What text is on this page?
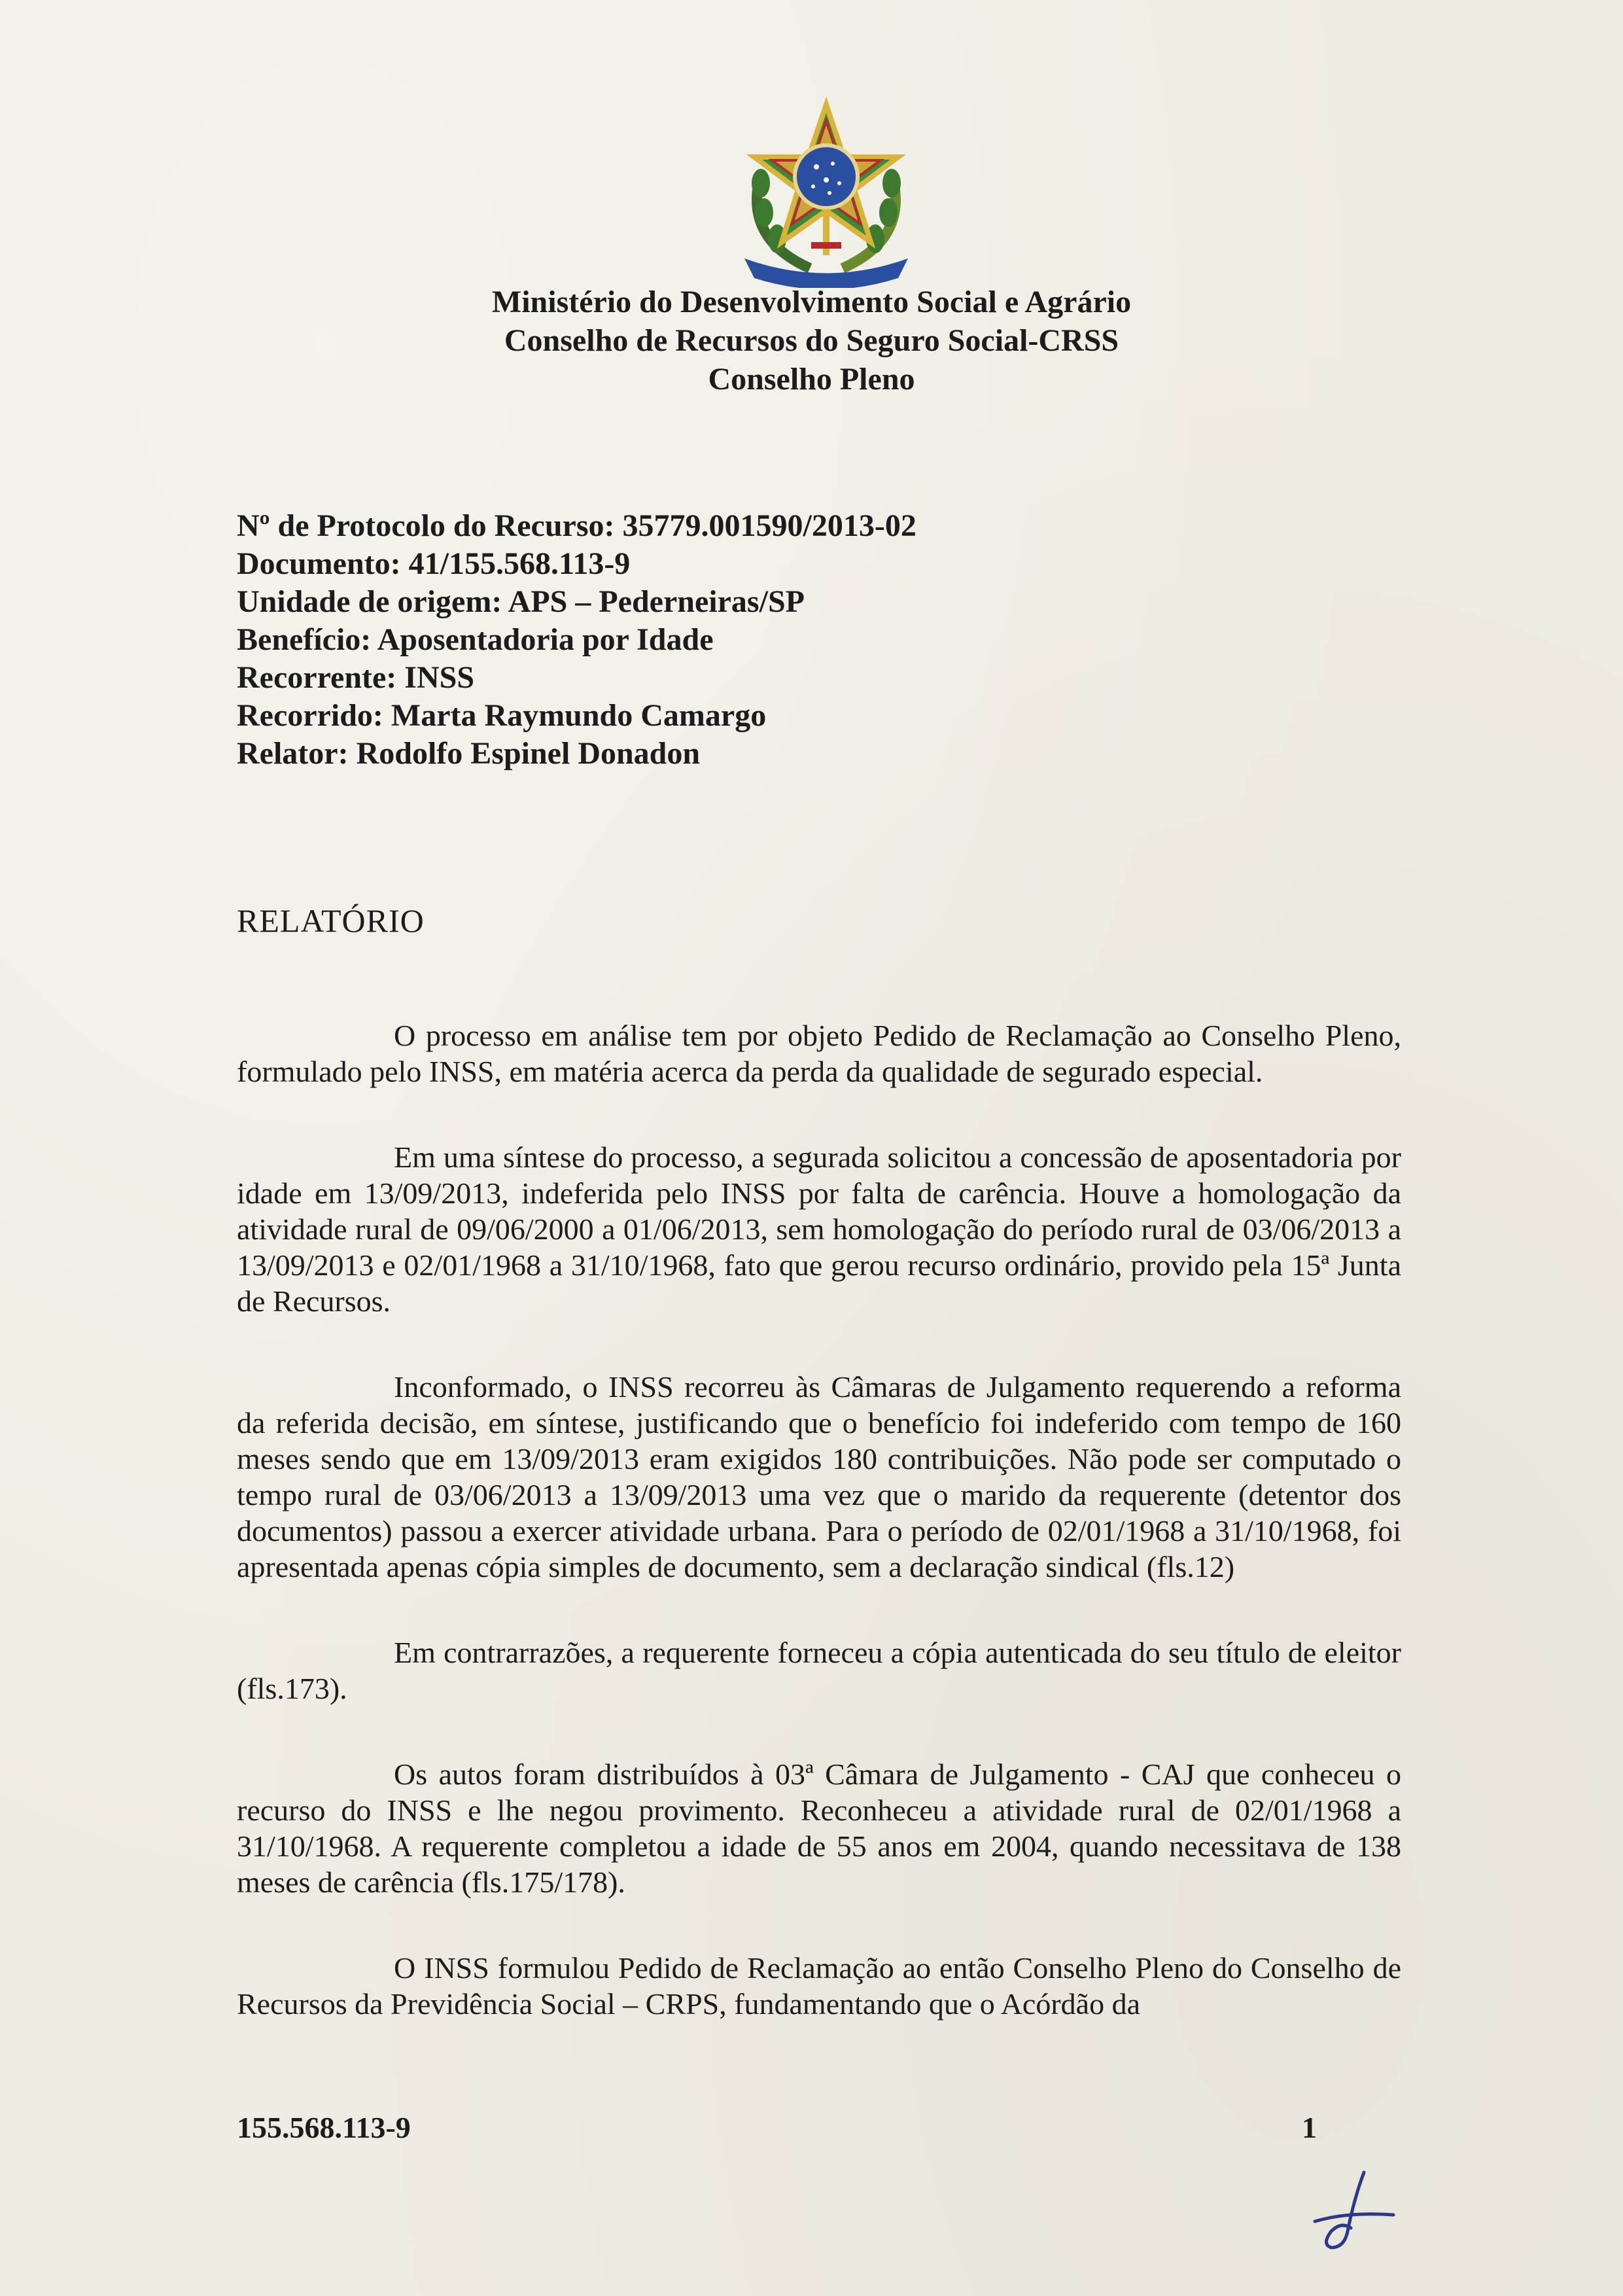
Ministério do Desenvolvimento Social e Agrário
Conselho de Recursos do Seguro Social-CRSS
Conselho Pleno
Nº de Protocolo do Recurso: 35779.001590/2013-02
Documento: 41/155.568.113-9
Unidade de origem: APS – Pederneiras/SP
Benefício: Aposentadoria por Idade
Recorrente: INSS
Recorrido: Marta Raymundo Camargo
Relator: Rodolfo Espinel Donadon
RELATÓRIO

O processo em análise tem por objeto Pedido de Reclamação ao Conselho Pleno, formulado pelo INSS, em matéria acerca da perda da qualidade de segurado especial.

Em uma síntese do processo, a segurada solicitou a concessão de aposentadoria por idade em 13/09/2013, indeferida pelo INSS por falta de carência. Houve a homologação da atividade rural de 09/06/2000 a 01/06/2013, sem homologação do período rural de 03/06/2013 a 13/09/2013 e 02/01/1968 a 31/10/1968, fato que gerou recurso ordinário, provido pela 15ª Junta de Recursos.

Inconformado, o INSS recorreu às Câmaras de Julgamento requerendo a reforma da referida decisão, em síntese, justificando que o benefício foi indeferido com tempo de 160 meses sendo que em 13/09/2013 eram exigidos 180 contribuições. Não pode ser computado o tempo rural de 03/06/2013 a 13/09/2013 uma vez que o marido da requerente (detentor dos documentos) passou a exercer atividade urbana. Para o período de 02/01/1968 a 31/10/1968, foi apresentada apenas cópia simples de documento, sem a declaração sindical (fls.12)

Em contrarrazões, a requerente forneceu a cópia autenticada do seu título de eleitor (fls.173).

Os autos foram distribuídos à 03ª Câmara de Julgamento - CAJ que conheceu o recurso do INSS e lhe negou provimento. Reconheceu a atividade rural de 02/01/1968 a 31/10/1968. A requerente completou a idade de 55 anos em 2004, quando necessitava de 138 meses de carência (fls.175/178).

O INSS formulou Pedido de Reclamação ao então Conselho Pleno do Conselho de Recursos da Previdência Social – CRPS, fundamentando que o Acórdão da

155.568.113-9	1
